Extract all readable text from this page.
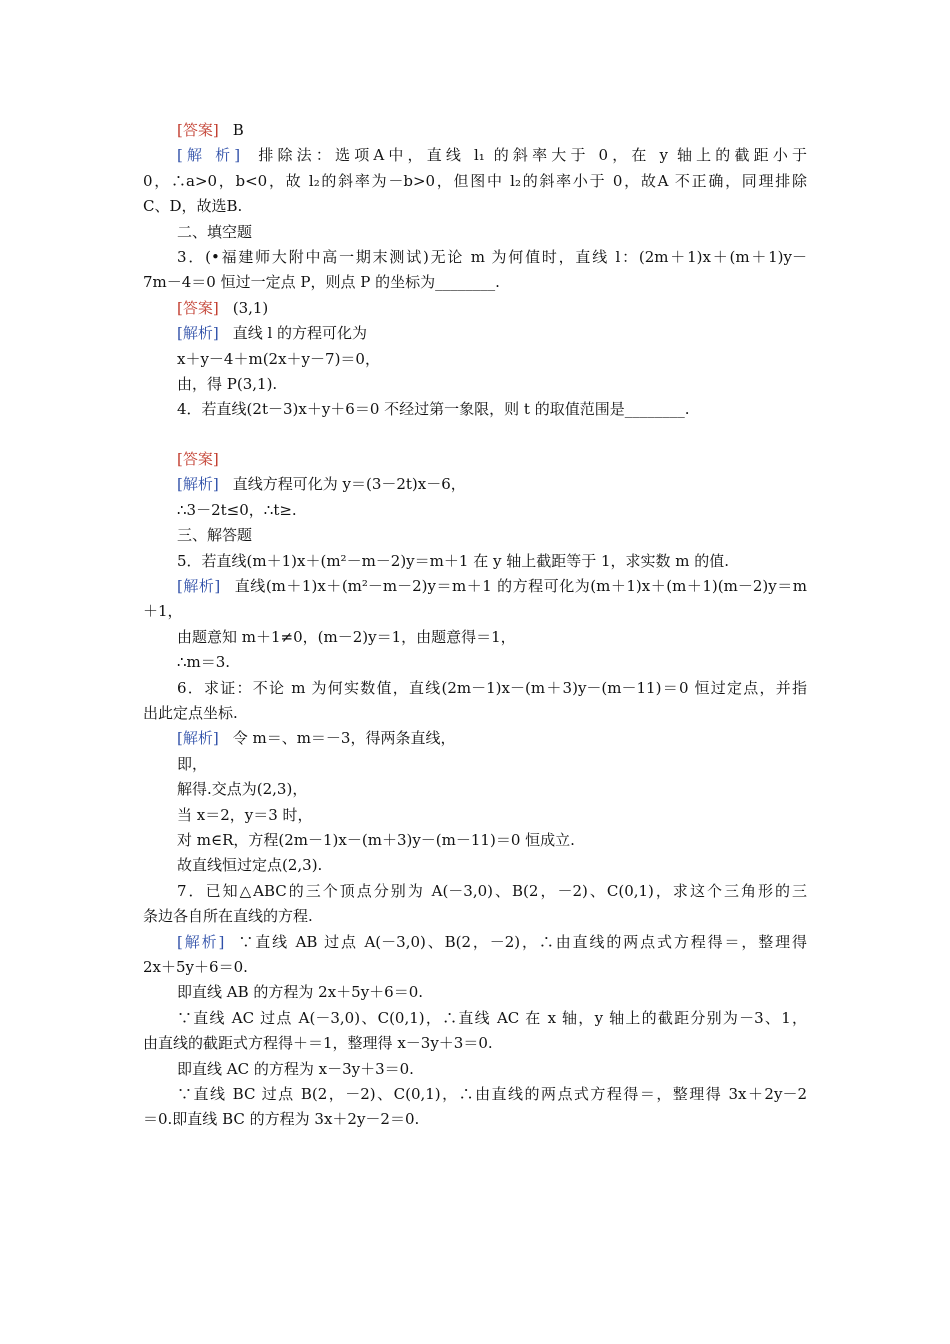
[答案] B
[解 析] 排除法：选项A中，直线 l₁ 的斜率大于 0，在 y 轴上的截距小于
0，∴a>0，b<0，故 l₂的斜率为－b>0，但图中 l₂的斜率小于 0，故A 不正确，同理排除
C、D，故选B.
二、填空题
3．(•福建师大附中高一期末测试)无论 m 为何值时，直线 l：(2m＋1)x＋(m＋1)y－
7m－4＝0 恒过一定点 P，则点 P 的坐标为________.
[答案] (3,1)
[解析] 直线 l 的方程可化为
x＋y－4＋m(2x＋y－7)＝0，
由，得 P(3,1).
4．若直线(2t－3)x＋y＋6＝0 不经过第一象限，则 t 的取值范围是________.
[答案]
[解析] 直线方程可化为 y＝(3－2t)x－6，
∴3－2t≤0，∴t≥.
三、解答题
5．若直线(m＋1)x＋(m²－m－2)y＝m＋1 在 y 轴上截距等于 1，求实数 m 的值.
[解析] 直线(m＋1)x＋(m²－m－2)y＝m＋1 的方程可化为(m＋1)x＋(m＋1)(m－2)y＝m
＋1，
由题意知 m＋1≠0，(m－2)y＝1，由题意得＝1，
∴m＝3.
6．求证：不论 m 为何实数值，直线(2m－1)x－(m＋3)y－(m－11)＝0 恒过定点，并指
出此定点坐标.
[解析] 令 m＝、m＝－3，得两条直线，
即，
解得.交点为(2,3)，
当 x＝2，y＝3 时，
对 m∈R，方程(2m－1)x－(m＋3)y－(m－11)＝0 恒成立.
故直线恒过定点(2,3).
7．已知△ABC的三个顶点分别为 A(－3,0)、B(2，－2)、C(0,1)，求这个三角形的三
条边各自所在直线的方程.
[解析] ∵直线 AB 过点 A(－3,0)、B(2，－2)，∴由直线的两点式方程得＝，整理得
2x＋5y＋6＝0.
即直线 AB 的方程为 2x＋5y＋6＝0.
∵直线 AC 过点 A(－3,0)、C(0,1)，∴直线 AC 在 x 轴，y 轴上的截距分别为－3、1，
由直线的截距式方程得＋＝1，整理得 x－3y＋3＝0.
即直线 AC 的方程为 x－3y＋3＝0.
∵直线 BC 过点 B(2，－2)、C(0,1)，∴由直线的两点式方程得＝，整理得 3x＋2y－2
＝0.即直线 BC 的方程为 3x＋2y－2＝0.
